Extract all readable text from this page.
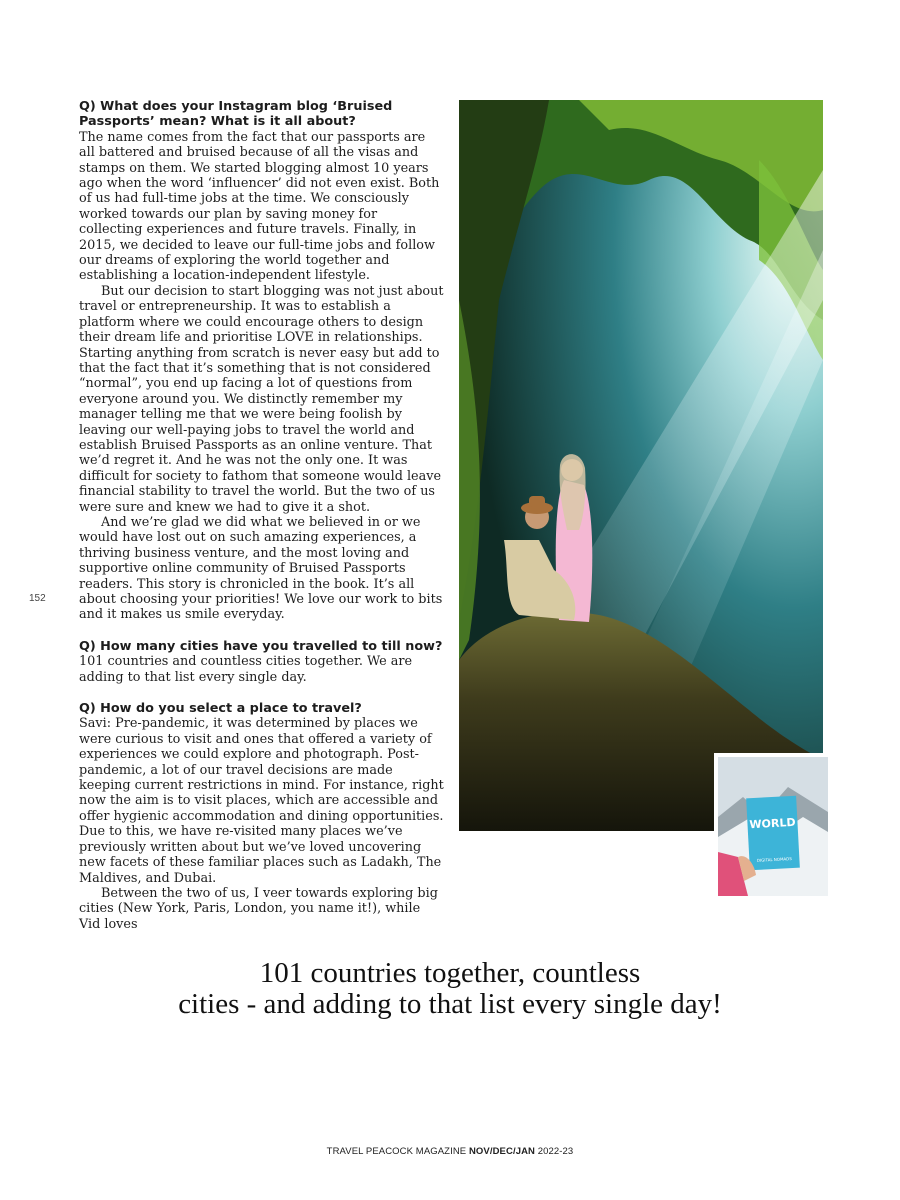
Q) What does your Instagram blog ‘Bruised Passports’ mean? What is it all about?

The name comes from the fact that our passports are all battered and bruised because of all the visas and stamps on them. We started blogging almost 10 years ago when the word ‘influencer’ did not even exist. Both of us had full-time jobs at the time. We consciously worked towards our plan by saving money for collecting experiences and future travels. Finally, in 2015, we decided to leave our full-time jobs and follow our dreams of exploring the world together and establishing a location-independent lifestyle.

But our decision to start blogging was not just about travel or entrepreneurship. It was to establish a platform where we could encourage others to design their dream life and prioritise LOVE in relationships. Starting anything from scratch is never easy but add to that the fact that it’s something that is not considered “normal”, you end up facing a lot of questions from everyone around you. We distinctly remember my manager telling me that we were being foolish by leaving our well-paying jobs to travel the world and establish Bruised Passports as an online venture. That we’d regret it. And he was not the only one. It was difficult for society to fathom that someone would leave financial stability to travel the world. But the two of us were sure and knew we had to give it a shot.

And we’re glad we did what we believed in or we would have lost out on such amazing experiences, a thriving business venture, and the most loving and supportive online community of Bruised Passports readers. This story is chronicled in the book. It’s all about choosing your priorities! We love our work to bits and it makes us smile everyday.

Q) How many cities have you travelled to till now?

101 countries and countless cities together. We are adding to that list every single day.

Q) How do you select a place to travel?

Savi: Pre-pandemic, it was determined by places we were curious to visit and ones that offered a variety of experiences we could explore and photograph. Post-pandemic, a lot of our travel decisions are made keeping current restrictions in mind. For instance, right now the aim is to visit places, which are accessible and offer hygienic accommodation and dining opportunities. Due to this, we have re-visited many places we’ve previously written about but we’ve loved uncovering new facets of these familiar places such as Ladakh, The Maldives, and Dubai.

Between the two of us, I veer towards exploring big cities (New York, Paris, London, you name it!), while Vid loves

152
WORLD
DIGITAL NOMADS
101 countries together, countless
cities - and adding to that list every single day!
TRAVEL PEACOCK MAGAZINE NOV/DEC/JAN 2022-23
